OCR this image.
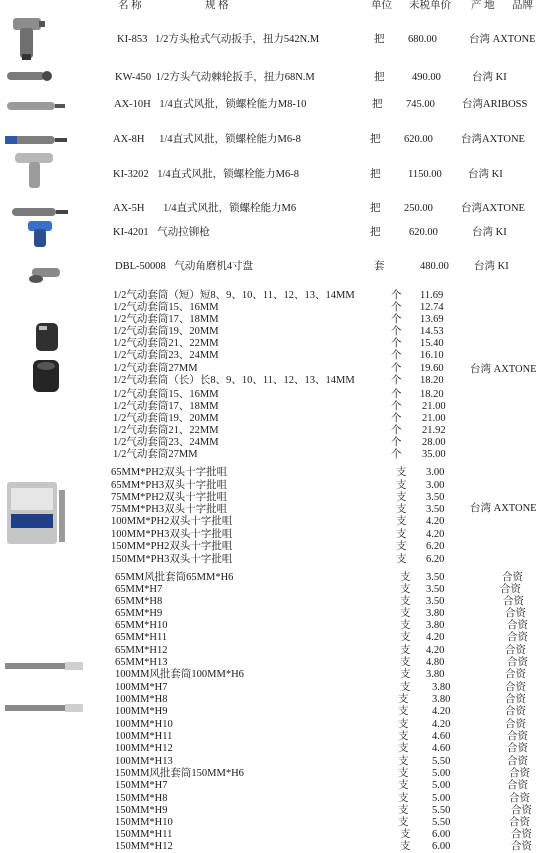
名 称	规 格	单位 未税单价 产 地 品牌
KI-853 1/2方头枪式气动扳手，扭力542N.M	把 680.00	台湾 AXTONE
KW-450 1/2方头气动棘轮扳手，扭力68N.M	把	490.00	台湾 KI
AX-10H 1/4直式风批，锁螺栓能力M8-10	把 745.00	台湾ARIBOSS
AX-8H 1/4直式风批，锁螺栓能力M6-8	把 620.00	台湾AXTONE
KI-3202 1/4直式风批，锁螺栓能力M6-8	把	1150.00	台湾 KI
AX-5H 1/4直式风批，锁螺栓能力M6	把 250.00	台湾AXTONE
KI-4201 气动拉铆枪	把	620.00	台湾 KI
DBL-50008 气动角磨机4寸盘	套	480.00 台湾 KI
1/2气动套筒（短）短8、9、10、11、12、13、14MM	个 11.69
1/2气动套筒15、16MM	个 12.74
1/2气动套筒17、18MM	个 13.69
1/2气动套筒19、20MM	个 14.53
1/2气动套筒21、22MM	个 15.40
1/2气动套筒23、24MM	个 16.10
1/2气动套筒27MM	个 19.60
1/2气动套筒（长）长8、9、10、11、12、13、14MM	个 18.20
1/2气动套筒15、16MM	个 18.20
1/2气动套筒17、18MM	个 21.00
1/2气动套筒19、20MM	个 21.00
1/2气动套筒21、22MM	个 21.92
1/2气动套筒23、24MM	个 28.00
1/2气动套筒27MM	个 35.00
台湾 AXTONE
65MM*PH2双头十字批咀	支 3.00
65MM*PH3双头十字批咀	支 3.00
75MM*PH2双头十字批咀	支 3.50
75MM*PH3双头十字批咀	支 3.50
100MM*PH2双头十字批咀	支 4.20
100MM*PH3双头十字批咀	支 4.20
150MM*PH2双头十字批咀	支 6.20
150MM*PH3双头十字批咀	支 6.20
台湾 AXTONE
65MM风批套筒65MM*H6	支 3.50	合资
65MM*H7	支 3.50	合资
65MM*H8	支 3.50	合资
65MM*H9	支 3.80	合资
65MM*H10	支 3.80	合资
65MM*H11	支 4.20	合资
65MM*H12	支 4.20	合资
65MM*H13	支 4.80	合资
100MM风批套筒100MM*H6	支 3.80	合资
100MM*H7	支 3.80	合资
100MM*H8	支 3.80	合资
100MM*H9	支 4.20	合资
100MM*H10	支 4.20	合资
100MM*H11	支 4.60	合资
100MM*H12	支 4.60	合资
100MM*H13	支 5.50	合资
150MM风批套筒150MM*H6	支 5.00	合资
150MM*H7	支 5.00	合资
150MM*H8	支 5.00	合资
150MM*H9	支 5.50	合资
150MM*H10	支 5.50	合资
150MM*H11	支 6.00	合资
150MM*H12	支 6.00	合资
